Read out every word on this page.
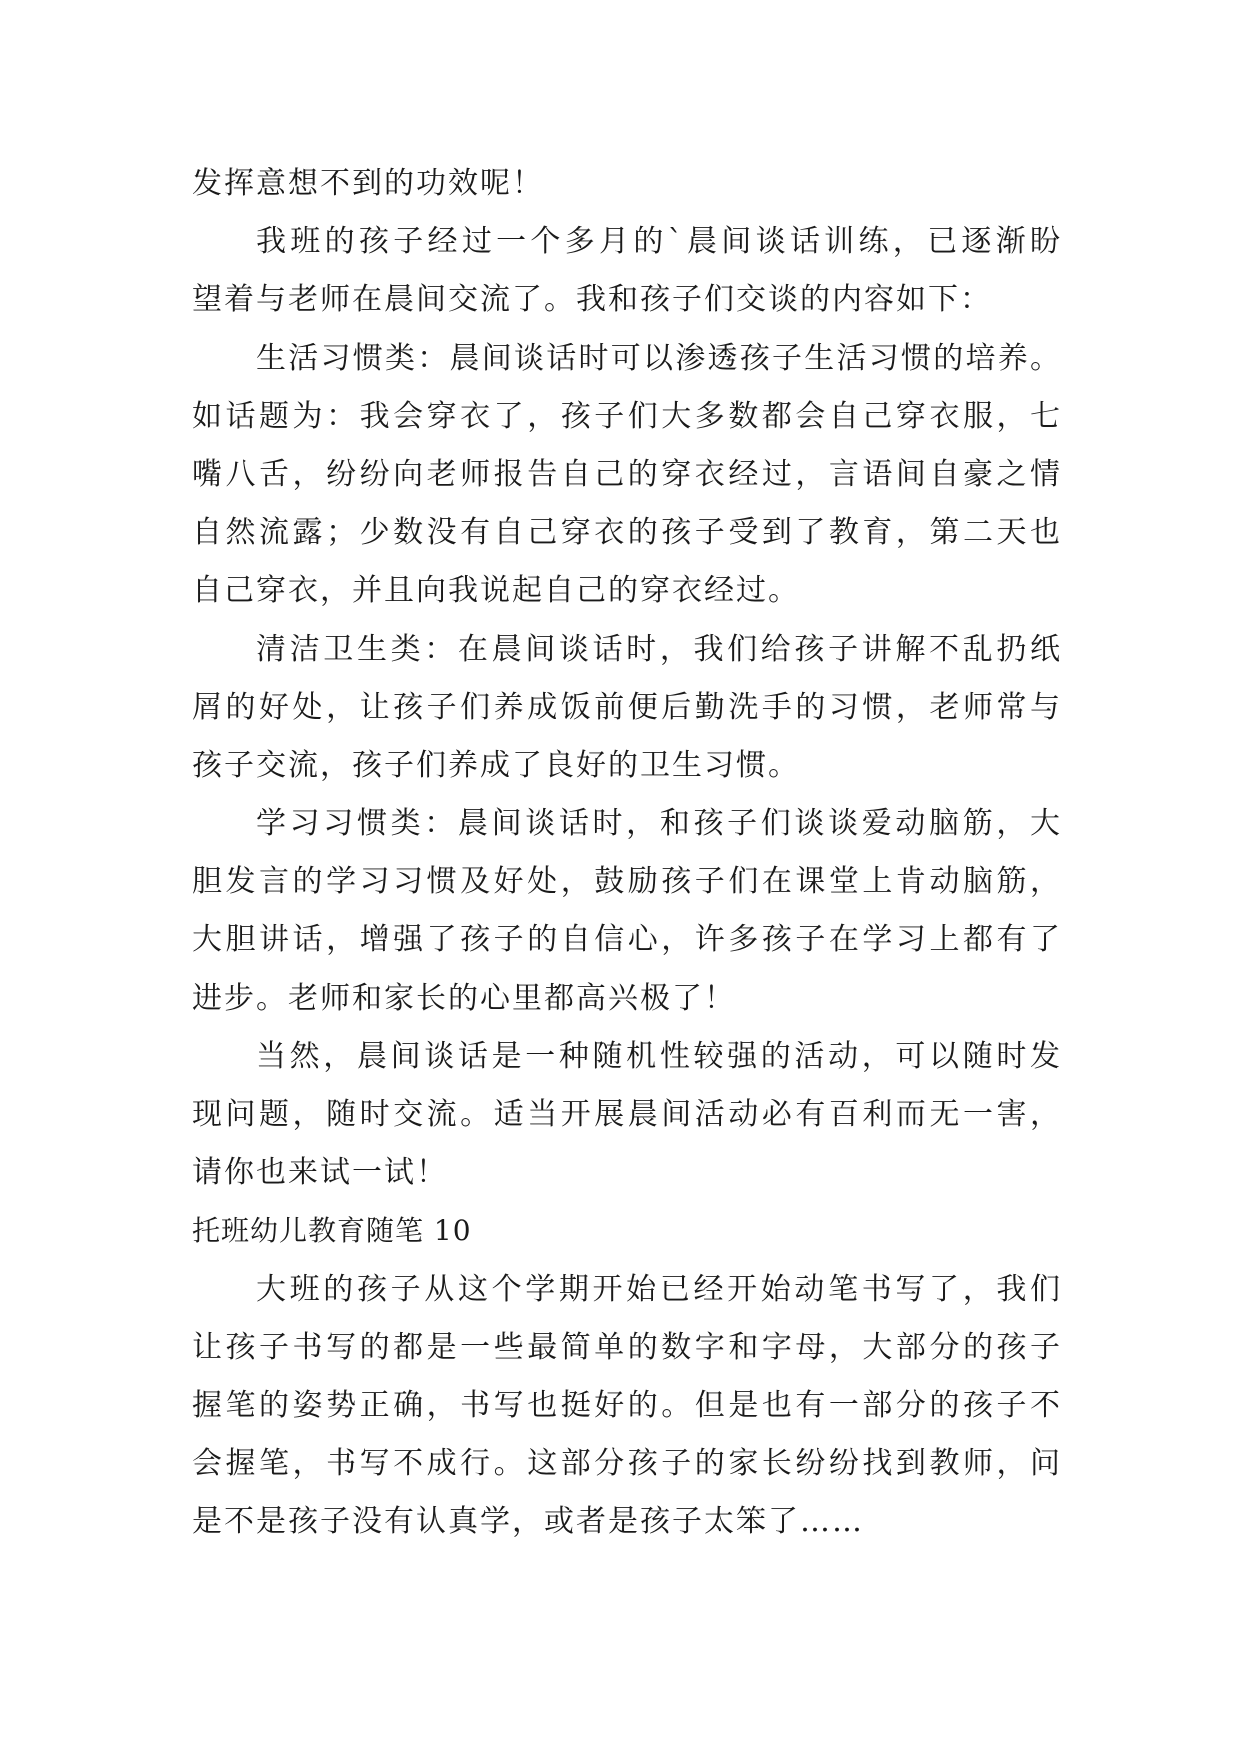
发挥意想不到的功效呢！
我班的孩子经过一个多月的`晨间谈话训练，已逐渐盼
望着与老师在晨间交流了。我和孩子们交谈的内容如下：
生活习惯类：晨间谈话时可以渗透孩子生活习惯的培养。
如话题为：我会穿衣了，孩子们大多数都会自己穿衣服，七
嘴八舌，纷纷向老师报告自己的穿衣经过，言语间自豪之情
自然流露；少数没有自己穿衣的孩子受到了教育，第二天也
自己穿衣，并且向我说起自己的穿衣经过。
清洁卫生类：在晨间谈话时，我们给孩子讲解不乱扔纸
屑的好处，让孩子们养成饭前便后勤洗手的习惯，老师常与
孩子交流，孩子们养成了良好的卫生习惯。
学习习惯类：晨间谈话时，和孩子们谈谈爱动脑筋，大
胆发言的学习习惯及好处，鼓励孩子们在课堂上肯动脑筋，
大胆讲话，增强了孩子的自信心，许多孩子在学习上都有了
进步。老师和家长的心里都高兴极了！
当然，晨间谈话是一种随机性较强的活动，可以随时发
现问题，随时交流。适当开展晨间活动必有百利而无一害，
请你也来试一试！
托班幼儿教育随笔 10
大班的孩子从这个学期开始已经开始动笔书写了，我们
让孩子书写的都是一些最简单的数字和字母，大部分的孩子
握笔的姿势正确，书写也挺好的。但是也有一部分的孩子不
会握笔，书写不成行。这部分孩子的家长纷纷找到教师，问
是不是孩子没有认真学，或者是孩子太笨了……
